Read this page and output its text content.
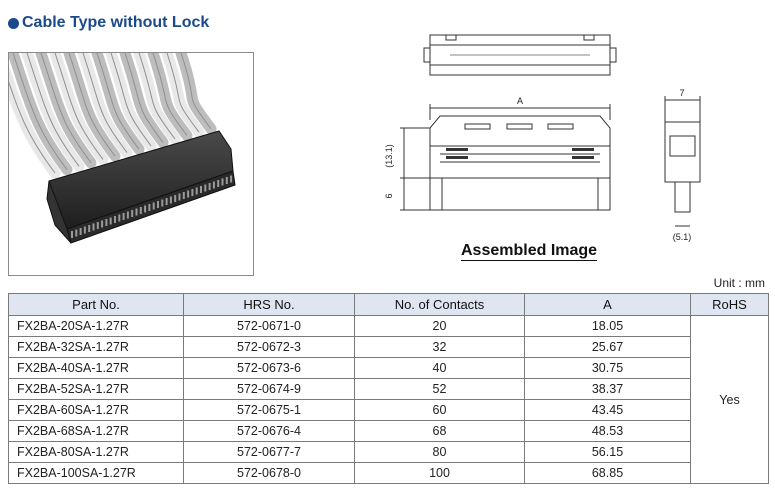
Cable Type without Lock
A
(13.1)
6
7
(5.1)
Assembled Image
Unit : mm
Part No.	HRS No.	No. of Contacts	A	RoHS
FX2BA-20SA-1.27R	572-0671-0	20	18.05	Yes
FX2BA-32SA-1.27R	572-0672-3	32	25.67	
FX2BA-40SA-1.27R	572-0673-6	40	30.75	
FX2BA-52SA-1.27R	572-0674-9	52	38.37	
FX2BA-60SA-1.27R	572-0675-1	60	43.45	
FX2BA-68SA-1.27R	572-0676-4	68	48.53	
FX2BA-80SA-1.27R	572-0677-7	80	56.15	
FX2BA-100SA-1.27R	572-0678-0	100	68.85	
